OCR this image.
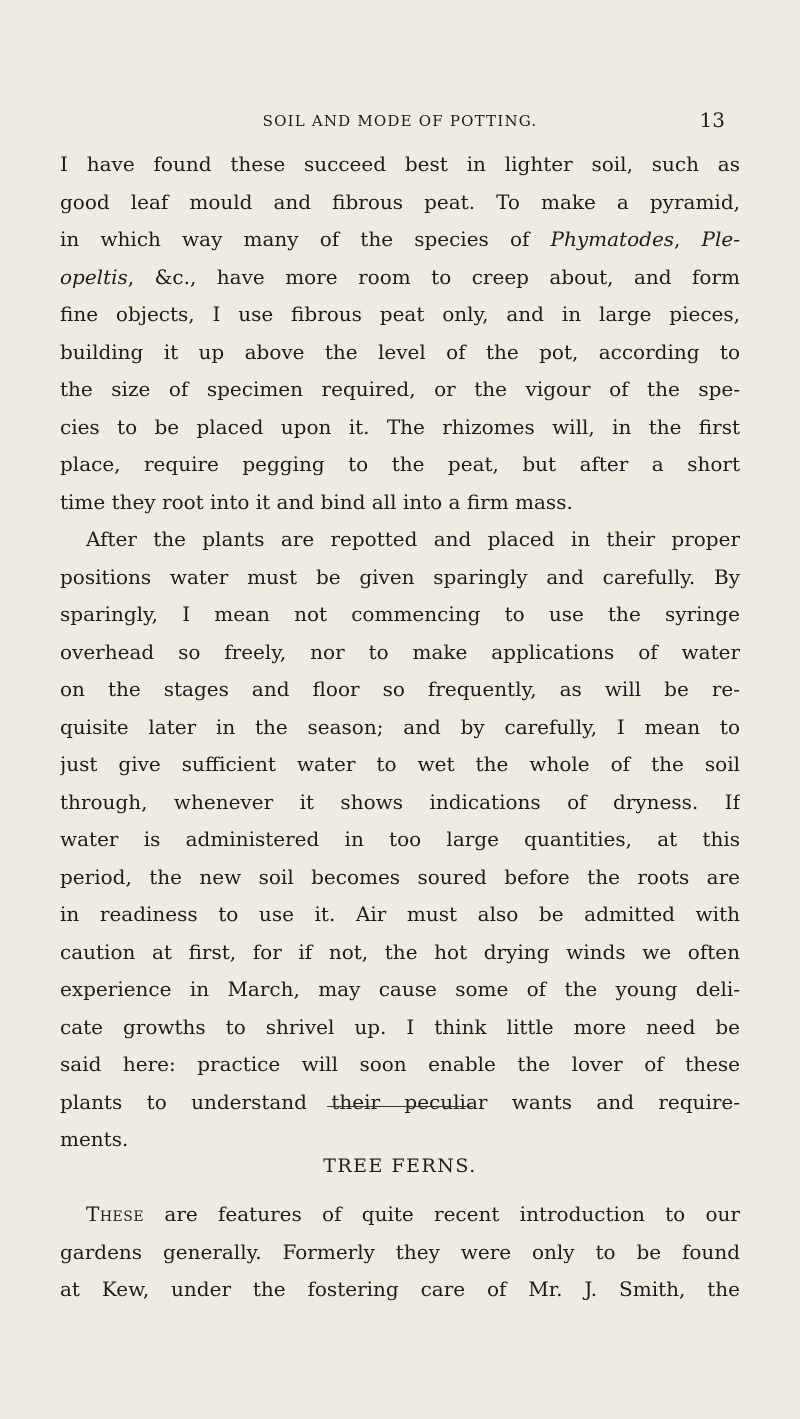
SOIL AND MODE OF POTTING.	13
I have found these succeed best in lighter soil, such as
good leaf mould and fibrous peat. To make a pyramid,
in which way many of the species of Phymatodes, Ple-
opeltis, &c., have more room to creep about, and form
fine objects, I use fibrous peat only, and in large pieces,
building it up above the level of the pot, according to
the size of specimen required, or the vigour of the spe-
cies to be placed upon it. The rhizomes will, in the first
place, require pegging to the peat, but after a short
time they root into it and bind all into a firm mass.
After the plants are repotted and placed in their proper
positions water must be given sparingly and carefully. By
sparingly, I mean not commencing to use the syringe
overhead so freely, nor to make applications of water
on the stages and floor so frequently, as will be re-
quisite later in the season; and by carefully, I mean to
just give sufficient water to wet the whole of the soil
through, whenever it shows indications of dryness. If
water is administered in too large quantities, at this
period, the new soil becomes soured before the roots are
in readiness to use it. Air must also be admitted with
caution at first, for if not, the hot drying winds we often
experience in March, may cause some of the young deli-
cate growths to shrivel up. I think little more need be
said here: practice will soon enable the lover of these
plants to understand their peculiar wants and require-
ments.
TREE FERNS.
These are features of quite recent introduction to our
gardens generally. Formerly they were only to be found
at Kew, under the fostering care of Mr. J. Smith, the
